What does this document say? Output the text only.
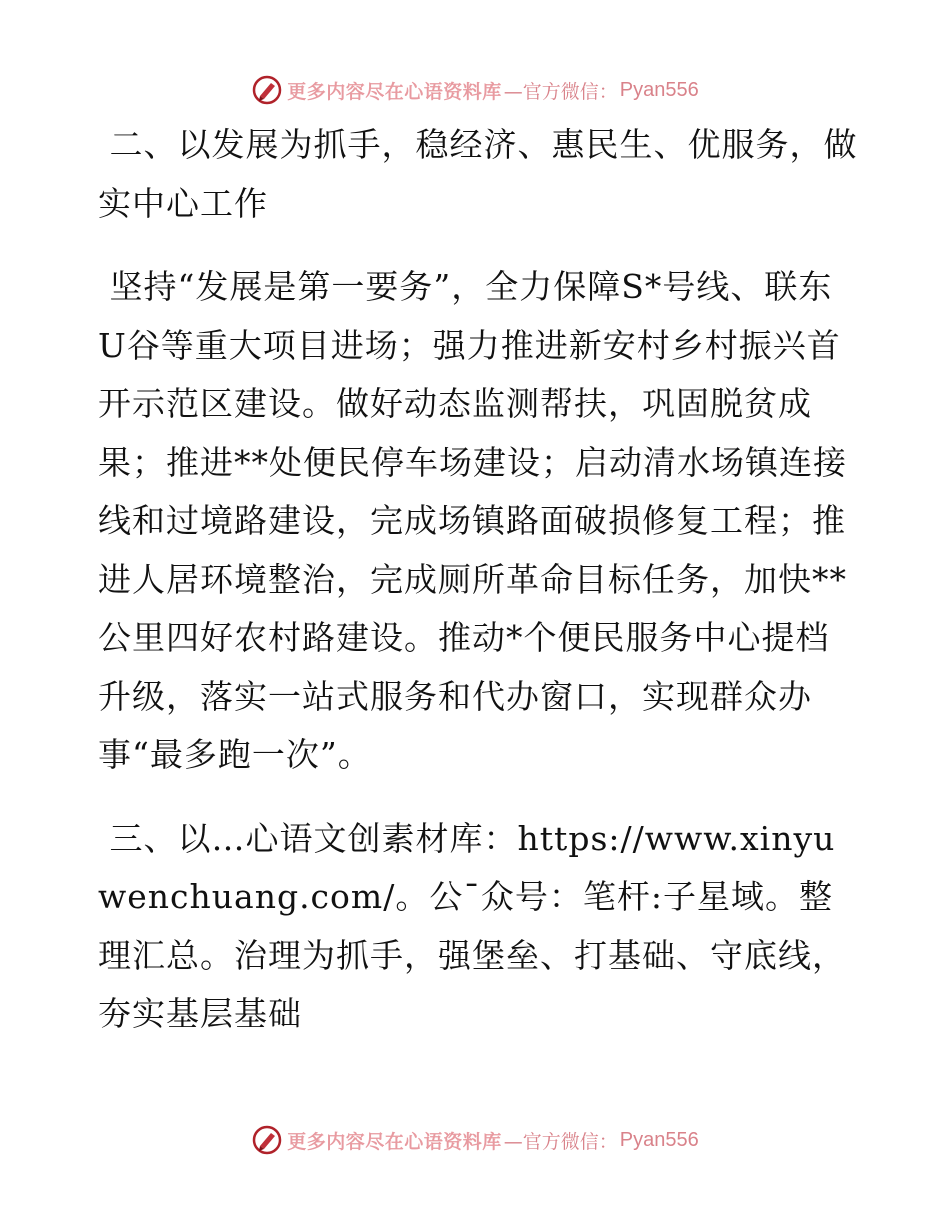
更多内容尽在心语资料库 —官方微信： Pyan556

二、以发展为抓手，稳经济、惠民生、优服务，做实中心工作

坚持“发展是第一要务”，全力保障S*号线、联东U谷等重大项目进场；强力推进新安村乡村振兴首开示范区建设。做好动态监测帮扶，巩固脱贫成果；推进**处便民停车场建设；启动清水场镇连接线和过境路建设，完成场镇路面破损修复工程；推进人居环境整治，完成厕所革命目标任务，加快**公里四好农村路建设。推动*个便民服务中心提档升级，落实一站式服务和代办窗口，实现群众办事“最多跑一次”。

三、以…心语文创素材库：https://www.xinyuwenchuang.com/。公¯众号：笔杆:子星域。整理汇总。治理为抓手，强堡垒、打基础、守底线，夯实基层基础

更多内容尽在心语资料库 —官方微信： Pyan556
